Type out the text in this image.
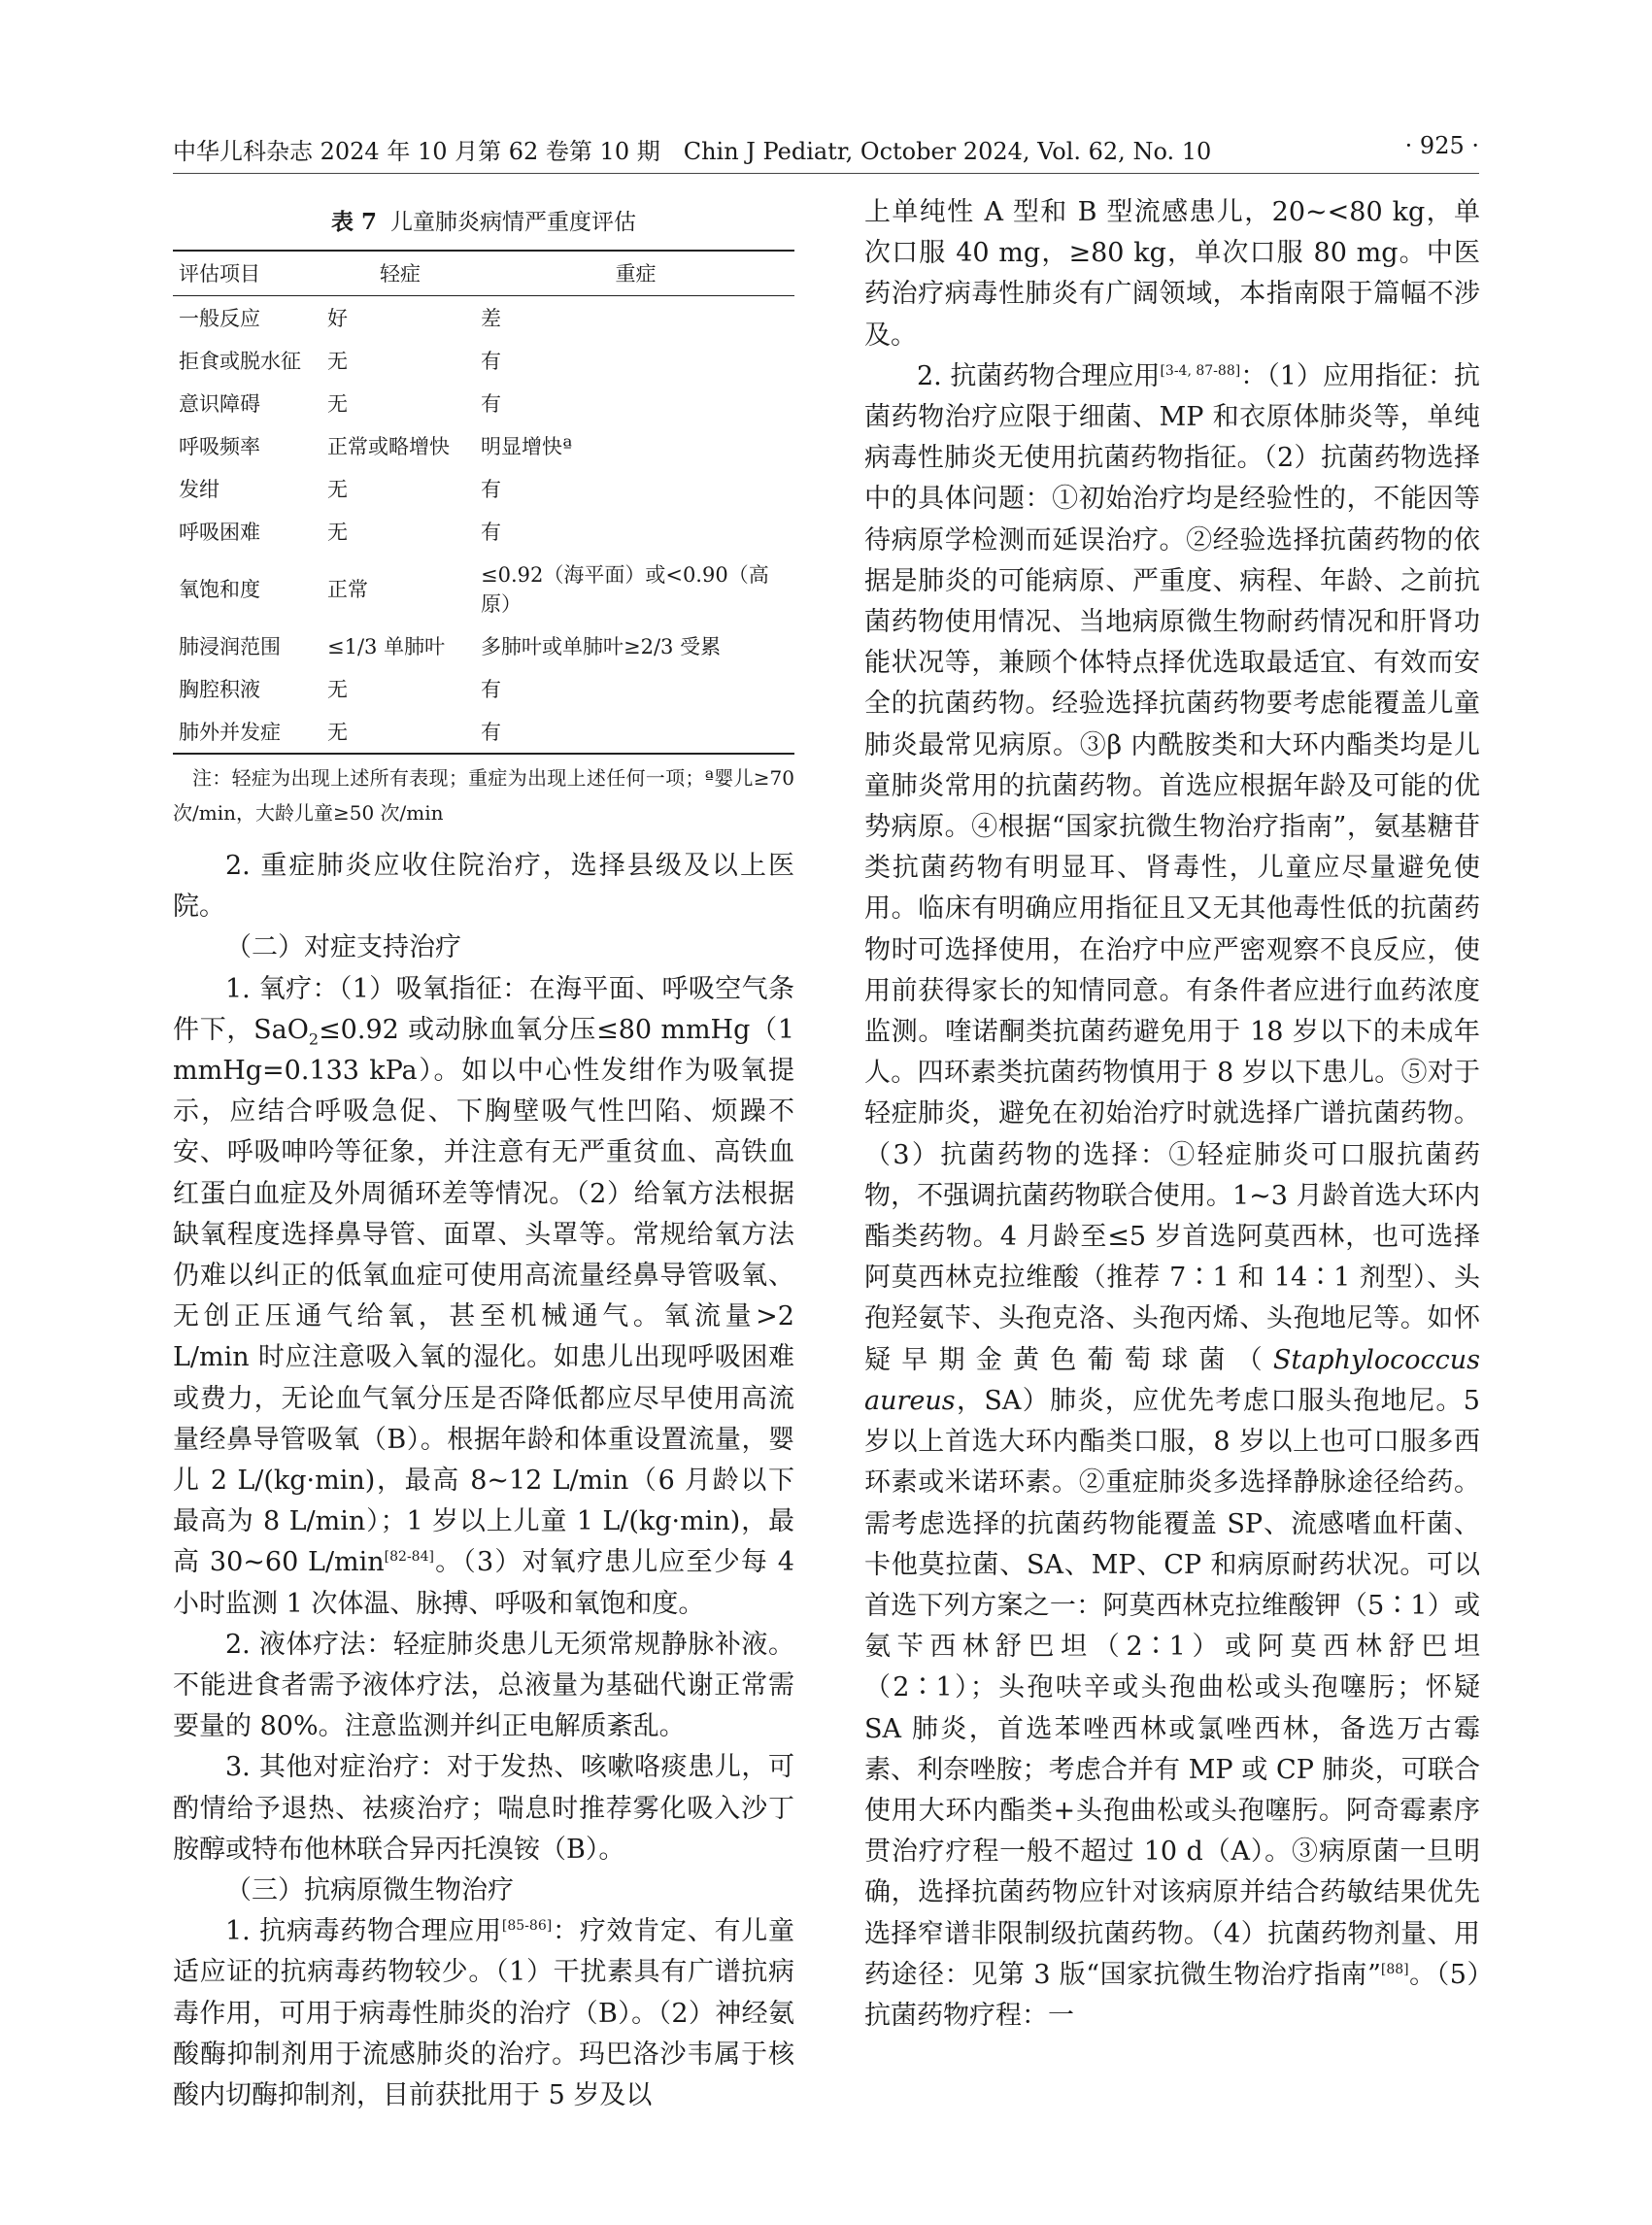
中华儿科杂志 2024 年 10 月第 62 卷第 10 期　Chin J Pediatr, October 2024, Vol. 62, No. 10	· 925 ·
表 7 儿童肺炎病情严重度评估
评估项目	轻症	重症
一般反应	好	差
拒食或脱水征	无	有
意识障碍	无	有
呼吸频率	正常或略增快	明显增快ª
发绀	无	有
呼吸困难	无	有
氧饱和度	正常	≤0.92（海平面）或<0.90（高原）
肺浸润范围	≤1/3 单肺叶	多肺叶或单肺叶≥2/3 受累
胸腔积液	无	有
肺外并发症	无	有
注：轻症为出现上述所有表现；重症为出现上述任何一项；ª婴儿≥70 次/min，大龄儿童≥50 次/min

2. 重症肺炎应收住院治疗，选择县级及以上医院。

（二）对症支持治疗

1. 氧疗：（1）吸氧指征：在海平面、呼吸空气条件下，SaO$_2$≤0.92 或动脉血氧分压≤80 mmHg（1 mmHg=0.133 kPa）。如以中心性发绀作为吸氧提示，应结合呼吸急促、下胸壁吸气性凹陷、烦躁不安、呼吸呻吟等征象，并注意有无严重贫血、高铁血红蛋白血症及外周循环差等情况。（2）给氧方法根据缺氧程度选择鼻导管、面罩、头罩等。常规给氧方法仍难以纠正的低氧血症可使用高流量经鼻导管吸氧、无创正压通气给氧，甚至机械通气。氧流量>2 L/min 时应注意吸入氧的湿化。如患儿出现呼吸困难或费力，无论血气氧分压是否降低都应尽早使用高流量经鼻导管吸氧（B）。根据年龄和体重设置流量，婴儿 2 L/(kg·min)，最高 8~12 L/min（6 月龄以下最高为 8 L/min）；1 岁以上儿童 1 L/(kg·min)，最高 30~60 L/min[82-84]。（3）对氧疗患儿应至少每 4 小时监测 1 次体温、脉搏、呼吸和氧饱和度。

2. 液体疗法：轻症肺炎患儿无须常规静脉补液。不能进食者需予液体疗法，总液量为基础代谢正常需要量的 80%。注意监测并纠正电解质紊乱。

3. 其他对症治疗：对于发热、咳嗽咯痰患儿，可酌情给予退热、祛痰治疗；喘息时推荐雾化吸入沙丁胺醇或特布他林联合异丙托溴铵（B）。

（三）抗病原微生物治疗

1. 抗病毒药物合理应用[85-86]：疗效肯定、有儿童适应证的抗病毒药物较少。（1）干扰素具有广谱抗病毒作用，可用于病毒性肺炎的治疗（B）。（2）神经氨酸酶抑制剂用于流感肺炎的治疗。玛巴洛沙韦属于核酸内切酶抑制剂，目前获批用于 5 岁及以

上单纯性 A 型和 B 型流感患儿，20~<80 kg，单次口服 40 mg，≥80 kg，单次口服 80 mg。中医药治疗病毒性肺炎有广阔领域，本指南限于篇幅不涉及。

2. 抗菌药物合理应用[3-4, 87-88]：（1）应用指征：抗菌药物治疗应限于细菌、MP 和衣原体肺炎等，单纯病毒性肺炎无使用抗菌药物指征。（2）抗菌药物选择中的具体问题：①初始治疗均是经验性的，不能因等待病原学检测而延误治疗。②经验选择抗菌药物的依据是肺炎的可能病原、严重度、病程、年龄、之前抗菌药物使用情况、当地病原微生物耐药情况和肝肾功能状况等，兼顾个体特点择优选取最适宜、有效而安全的抗菌药物。经验选择抗菌药物要考虑能覆盖儿童肺炎最常见病原。③β 内酰胺类和大环内酯类均是儿童肺炎常用的抗菌药物。首选应根据年龄及可能的优势病原。④根据“国家抗微生物治疗指南”，氨基糖苷类抗菌药物有明显耳、肾毒性，儿童应尽量避免使用。临床有明确应用指征且又无其他毒性低的抗菌药物时可选择使用，在治疗中应严密观察不良反应，使用前获得家长的知情同意。有条件者应进行血药浓度监测。喹诺酮类抗菌药避免用于 18 岁以下的未成年人。四环素类抗菌药物慎用于 8 岁以下患儿。⑤对于轻症肺炎，避免在初始治疗时就选择广谱抗菌药物。（3）抗菌药物的选择：①轻症肺炎可口服抗菌药物，不强调抗菌药物联合使用。1~3 月龄首选大环内酯类药物。4 月龄至≤5 岁首选阿莫西林，也可选择阿莫西林克拉维酸（推荐 7∶1 和 14∶1 剂型）、头孢羟氨苄、头孢克洛、头孢丙烯、头孢地尼等。如怀疑早期金黄色葡萄球菌（Staphylococcus aureus，SA）肺炎，应优先考虑口服头孢地尼。5 岁以上首选大环内酯类口服，8 岁以上也可口服多西环素或米诺环素。②重症肺炎多选择静脉途径给药。需考虑选择的抗菌药物能覆盖 SP、流感嗜血杆菌、卡他莫拉菌、SA、MP、CP 和病原耐药状况。可以首选下列方案之一：阿莫西林克拉维酸钾（5∶1）或氨苄西林舒巴坦（2∶1）或阿莫西林舒巴坦（2∶1）；头孢呋辛或头孢曲松或头孢噻肟；怀疑 SA 肺炎，首选苯唑西林或氯唑西林，备选万古霉素、利奈唑胺；考虑合并有 MP 或 CP 肺炎，可联合使用大环内酯类+头孢曲松或头孢噻肟。阿奇霉素序贯治疗疗程一般不超过 10 d（A）。③病原菌一旦明确，选择抗菌药物应针对该病原并结合药敏结果优先选择窄谱非限制级抗菌药物。（4）抗菌药物剂量、用药途径：见第 3 版“国家抗微生物治疗指南”[88]。（5）抗菌药物疗程：一
